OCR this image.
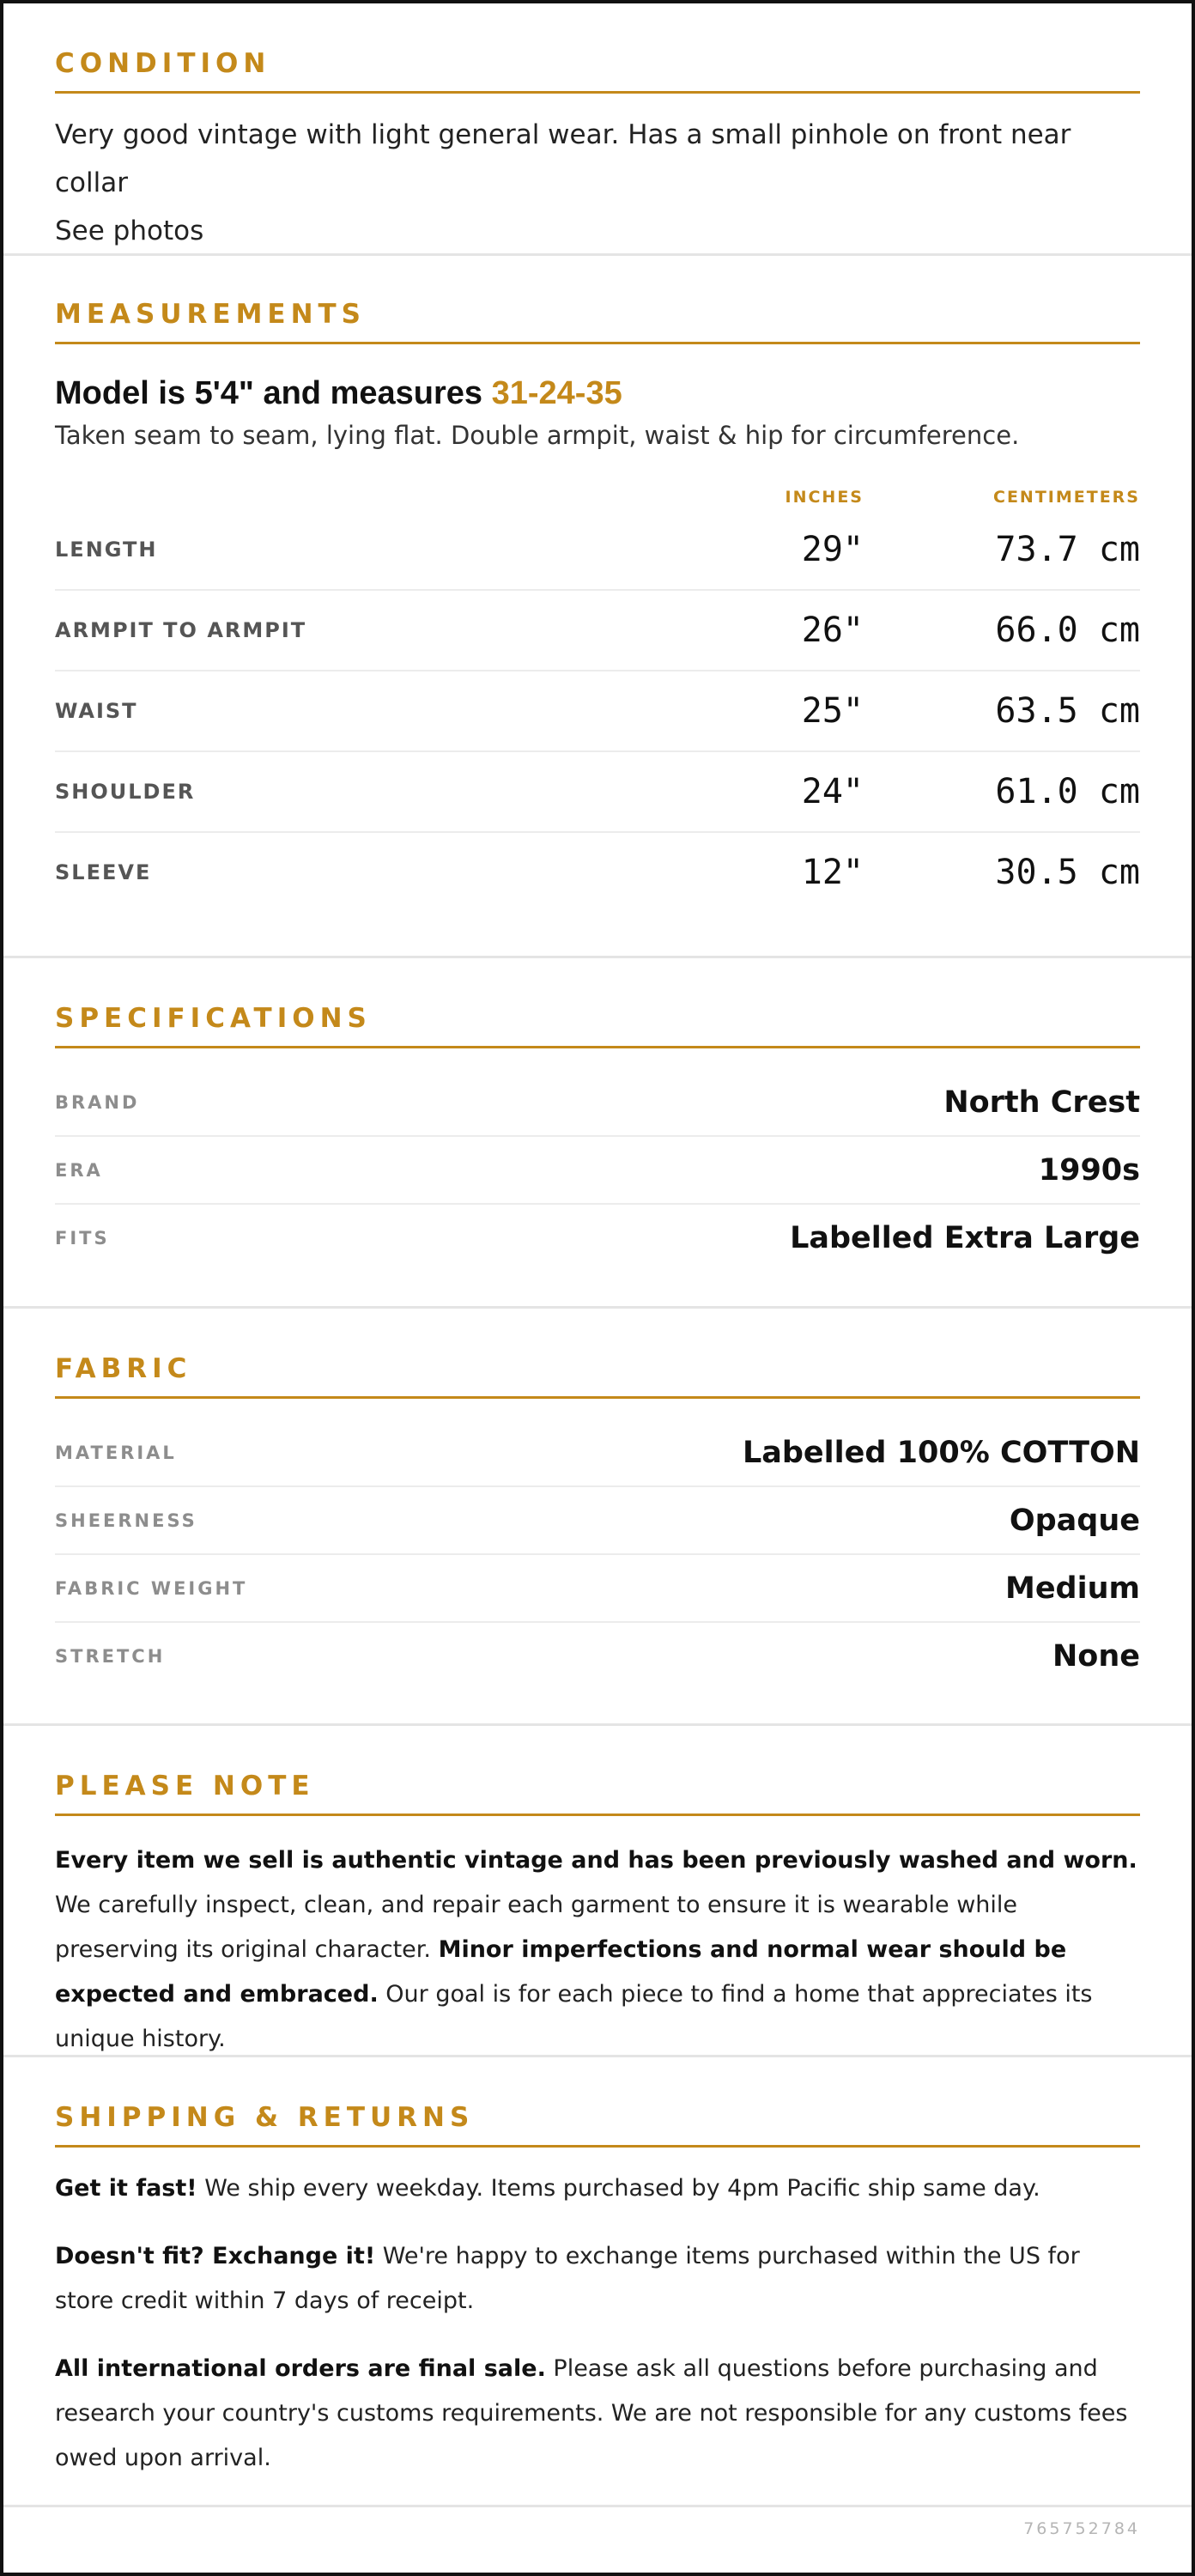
CONDITION
Very good vintage with light general wear. Has a small pinhole on front near collar
See photos
MEASUREMENTS
Model is 5'4" and measures 31-24-35
Taken seam to seam, lying flat. Double armpit, waist & hip for circumference.
INCHES	CENTIMETERS
LENGTH	29"	73.7 cm
ARMPIT TO ARMPIT	26"	66.0 cm
WAIST	25"	63.5 cm
SHOULDER	24"	61.0 cm
SLEEVE	12"	30.5 cm
SPECIFICATIONS
BRAND	North Crest
ERA	1990s
FITS	Labelled Extra Large
FABRIC
MATERIAL	Labelled 100% COTTON
SHEERNESS	Opaque
FABRIC WEIGHT	Medium
STRETCH	None
PLEASE NOTE

Every item we sell is authentic vintage and has been previously washed and worn. We carefully inspect, clean, and repair each garment to ensure it is wearable while preserving its original character. Minor imperfections and normal wear should be expected and embraced. Our goal is for each piece to find a home that appreciates its unique history.

SHIPPING & RETURNS

Get it fast! We ship every weekday. Items purchased by 4pm Pacific ship same day.

Doesn't fit? Exchange it! We're happy to exchange items purchased within the US for store credit within 7 days of receipt.

All international orders are final sale. Please ask all questions before purchasing and research your country's customs requirements. We are not responsible for any customs fees owed upon arrival.

765752784
